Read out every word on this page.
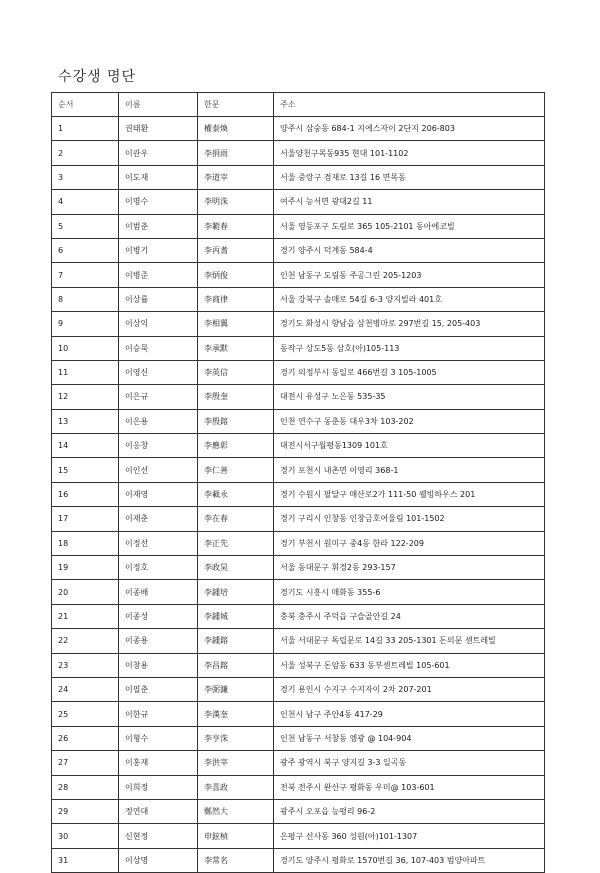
수강생 명단
순서	이름	한문	주소
1	권태환	權泰煥	양주시 삼숭동 684-1 지에스자이 2단지 206-803
2	이관우	李捐雨	서울양천구목동935 현대 101-1102
3	이도재	李道宰	서울 중랑구 겸재로 13길 16 면목동
4	이명수	李明洙	여주시 능서면 광대2길 11
5	이범춘	李範春	서울 영등포구 도림로 365 105-2101 동아에코빌
6	이병기	李丙耆	경기 양주시 덕계동 584-4
7	이병준	李炳俊	인천 남동구 도림동 주공그린 205-1203
8	이상률	李商律	서울 강북구 솔매로 54길 6-3 양지빌라 401호
9	이상익	李相翼	경기도 화성시 향남읍 삼천병마로 297번길 15, 205-403
10	이승묵	李承默	동작구 상도5동 삼호(아)105-113
11	이영신	李英信	경기 의정부시 동일로 466번길 3 105-1005
12	이은규	李殷奎	대전시 유성구 노은동 535-35
13	이은용	李殷鎔	인천 연수구 동춘동 대우3차 103-202
14	이응창	李應彰	대전시서구월평동1309 101호
15	이인선	李仁善	경기 포천시 내촌면 이영리 368-1
16	이재영	李載永	경기 수원시 팔달구 매산로2가 111-50 웰빙하우스 201
17	이재춘	李在春	경기 구리시 인창동 인창금호어울림 101-1502
18	이정선	李正先	경기 부천시 원미구 중4동 한라 122-209
19	이정호	李政昊	서울 동대문구 휘경2동 293-157
20	이종배	李鍾培	경기도 시흥시 매화동 355-6
21	이종성	李鍾城	충북 충주시 주덕읍 구슬골안길 24
22	이종용	李鍾鎔	서울 서대문구 독립문로 14길 33 205-1301 돈의문 센트레빌
23	이창용	李昌鎔	서울 성북구 돈암동 633 동부센트레빌 105-601
24	이필춘	李弼濂	경기 용인시 수지구 수지자이 2차 207-201
25	이한규	李漢奎	인천시 남구 주안4동 417-29
26	이형수	李亨洙	인천 남동구 서창동 엠광 @ 104-904
27	이홍재	李洪宰	광주 광역시 북구 양지길 3-3 일곡동
28	이희정	李喜政	전북 전주시 완산구 평화동 우미@ 103-601
29	정연대	鄭然大	광주시 오포읍 능평리 96-2
30	신현정	申鉉楨	은평구 신사동 360 성원(아)101-1307
31	이상명	李常名	경기도 양주시 평화로 1570번길 36, 107-403 범양아파트
